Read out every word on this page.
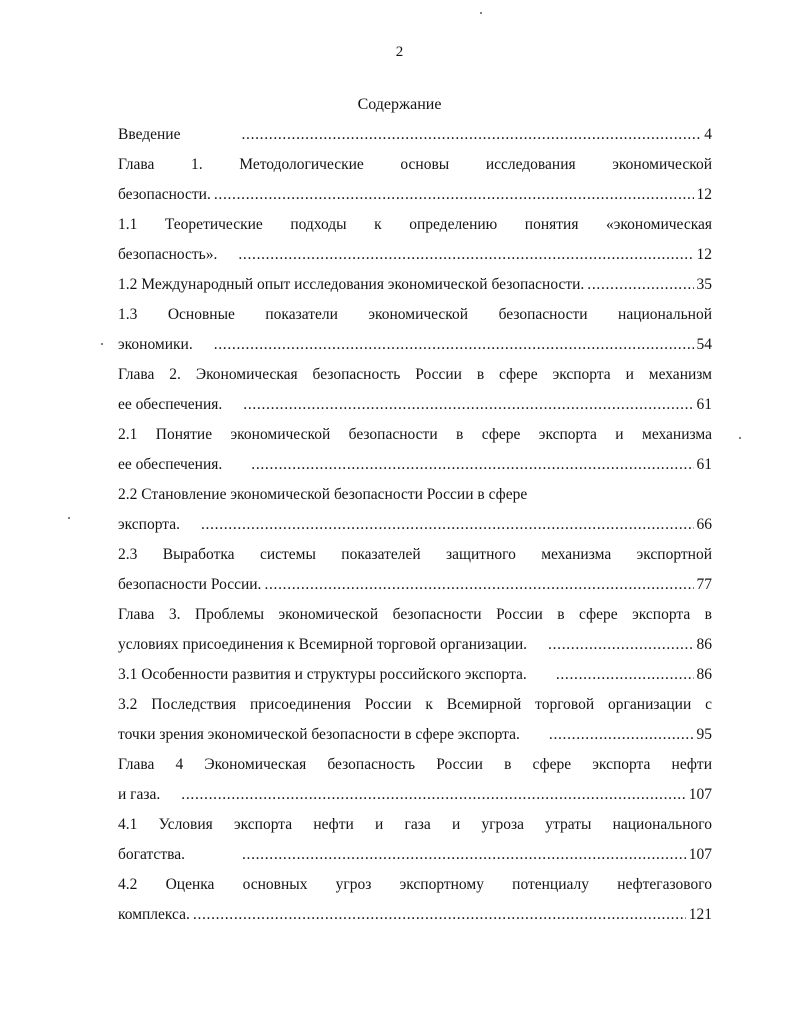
2
Содержание
Введение . . .	4
Глава 1. Методологические основы исследования экономической
безопасности. . . .	12
1.1 Теоретические подходы к определению понятия «экономическая
безопасность». . . .	12
1.2 Международный опыт исследования экономической безопасности. . . .	35
1.3 Основные показатели экономической безопасности национальной
экономики. . . .	54
Глава 2. Экономическая безопасность России в сфере экспорта и механизм
ее обеспечения. . . .	61
2.1 Понятие экономической безопасности в сфере экспорта и механизма
ее обеспечения. . . .	61
2.2 Становление экономической безопасности России в сфере
экспорта. . . .	66
2.3 Выработка системы показателей защитного механизма экспортной
безопасности России. . . .	77
Глава 3. Проблемы экономической безопасности России в сфере экспорта в
условиях присоединения к Всемирной торговой организации. . . .	86
3.1 Особенности развития и структуры российского экспорта. . . .	86
3.2 Последствия присоединения России к Всемирной торговой организации с
точки зрения экономической безопасности в сфере экспорта. . . .	95
Глава 4 Экономическая безопасность России в сфере экспорта нефти
и газа. . . .	107
4.1 Условия экспорта нефти и газа и угроза утраты национального
богатства. . . .	107
4.2 Оценка основных угроз экспортному потенциалу нефтегазового
комплекса. . . .	121
